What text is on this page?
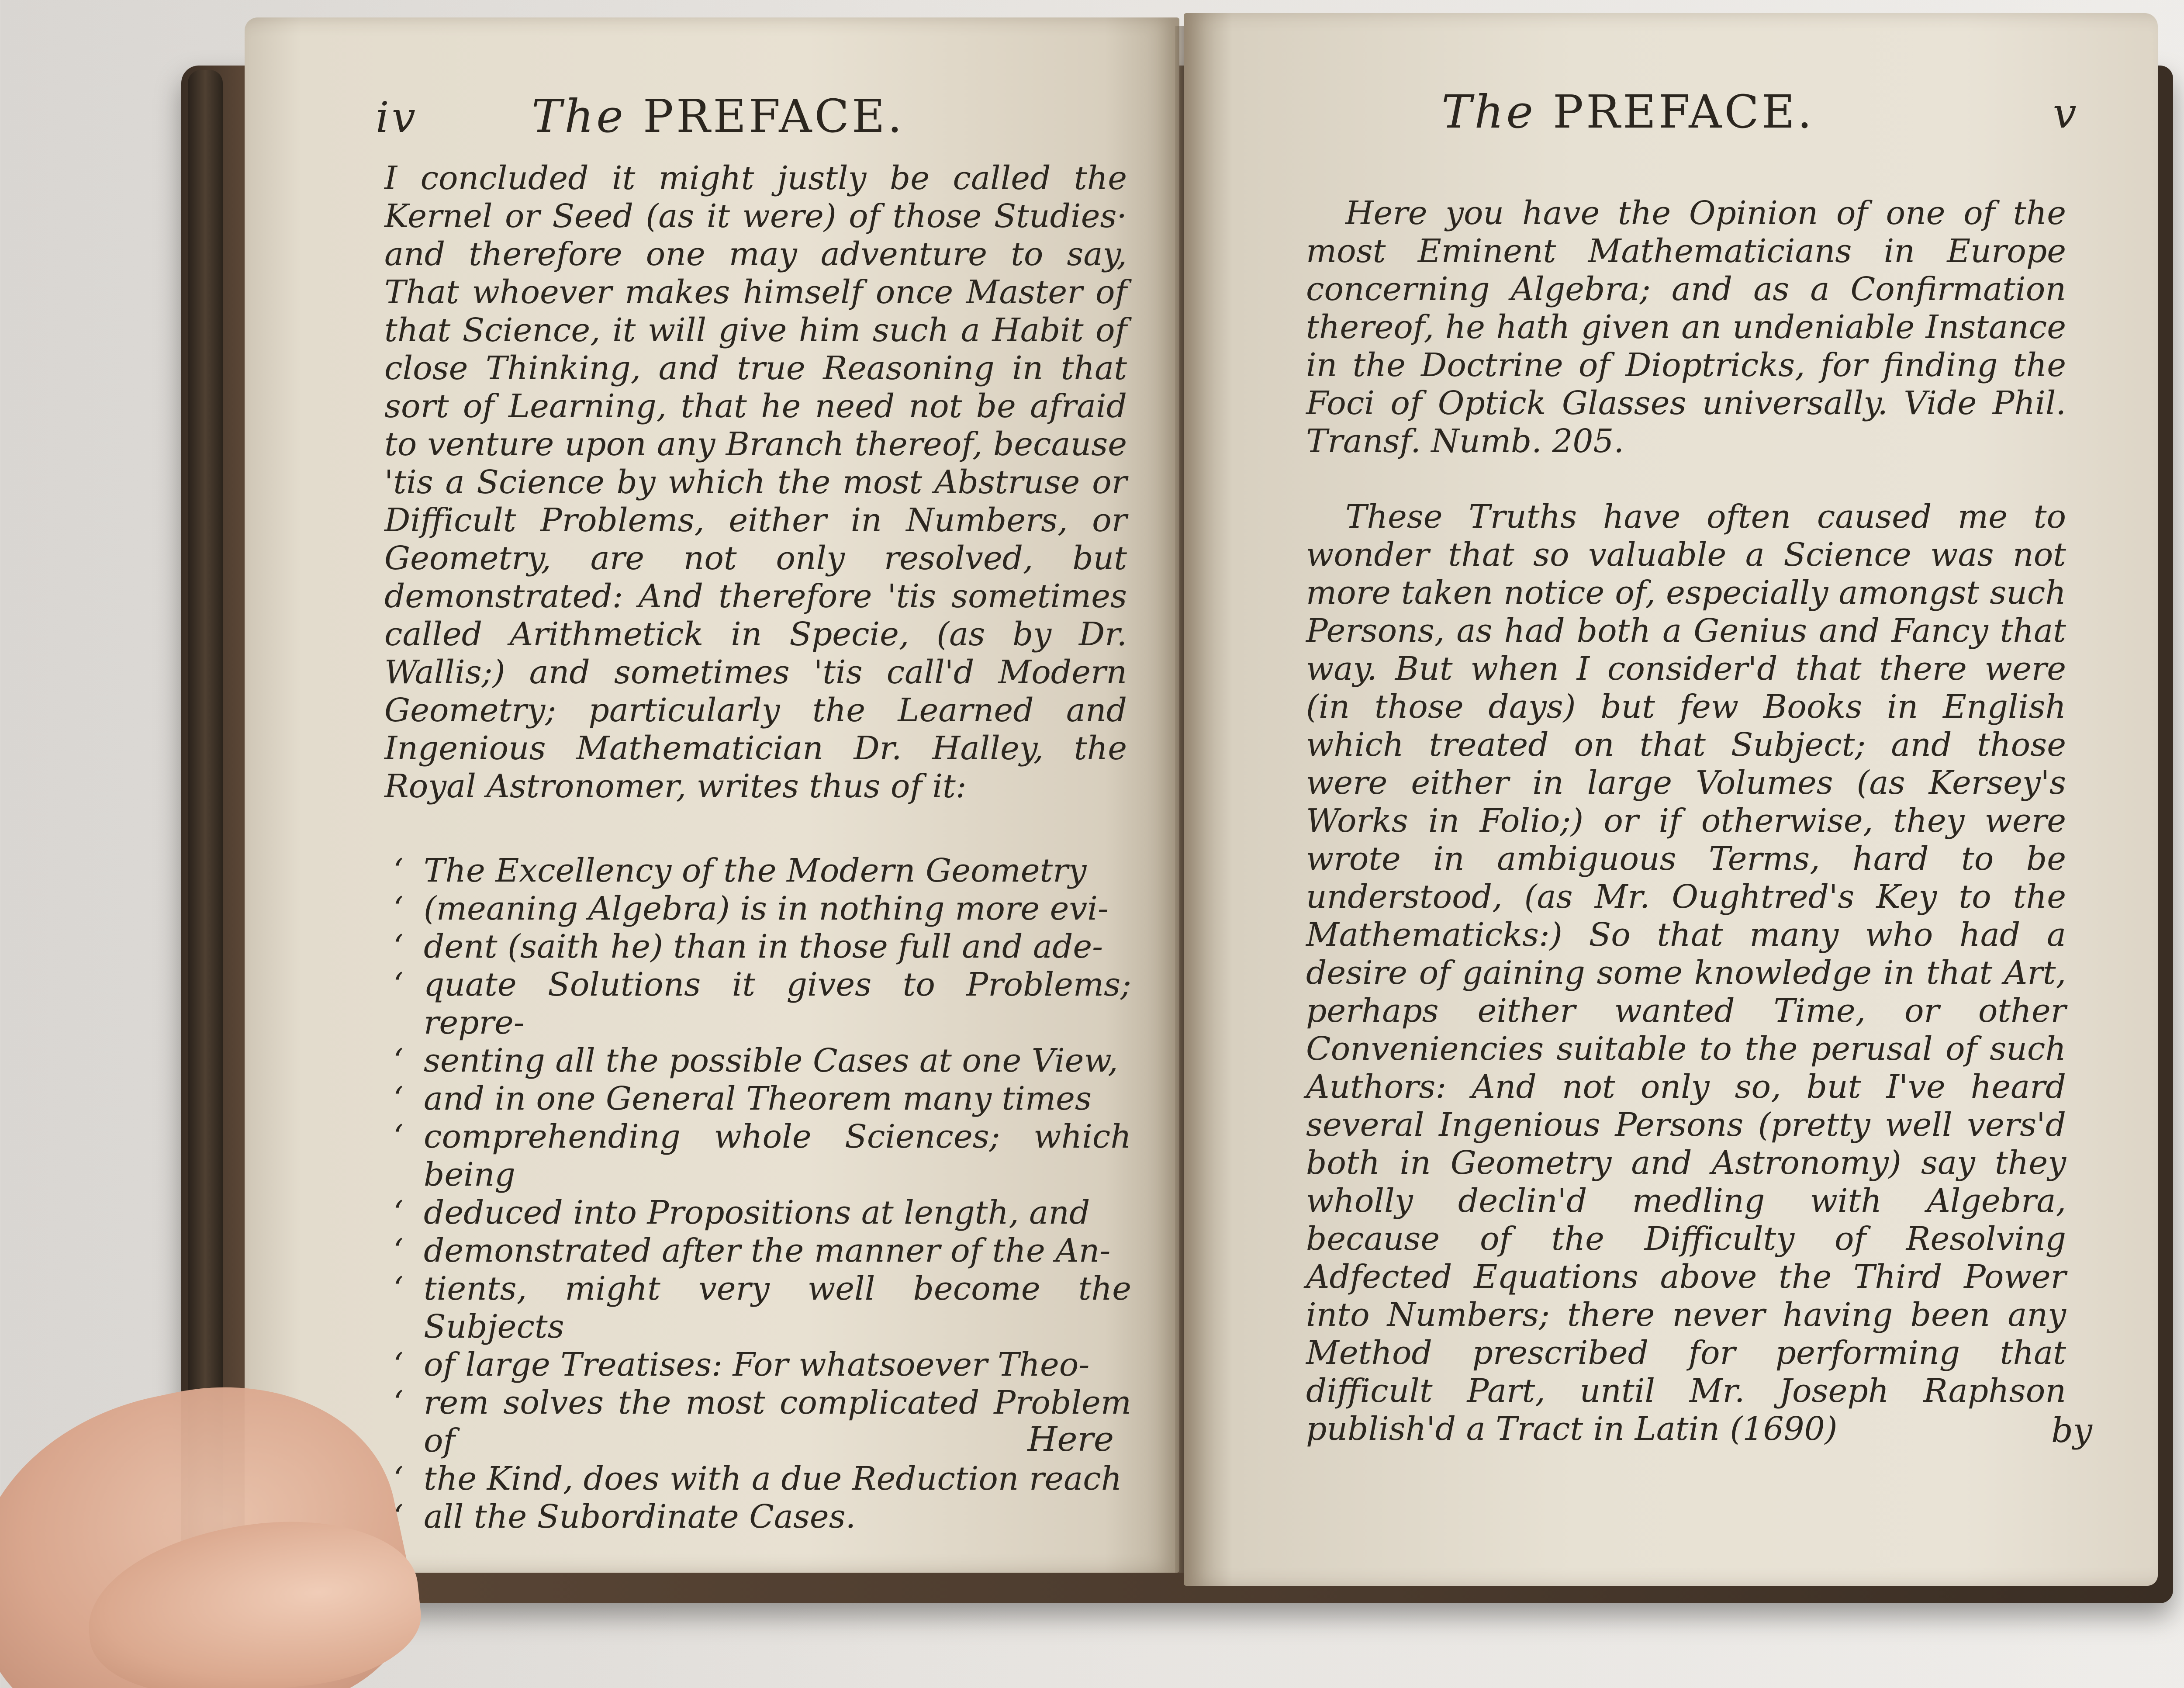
iv	The PREFACE.

I concluded it might justly be called the Kernel or Seed (as it were) of those Studies· and therefore one may adventure to say, That whoever makes himself once Master of that Science, it will give him such a Habit of close Thinking, and true Reasoning in that sort of Learning, that he need not be afraid to venture upon any Branch thereof, because 'tis a Science by which the most Abstruse or Difficult Problems, either in Numbers, or Geometry, are not only resolved, but demonstrated: And therefore 'tis sometimes called Arithmetick in Specie, (as by Dr. Wallis;) and sometimes 'tis call'd Modern Geometry; particularly the Learned and Ingenious Mathematician Dr. Halley, the Royal Astronomer, writes thus of it:

‘ The Excellency of the Modern Geometry
‘ (meaning Algebra) is in nothing more evi-
‘ dent (saith he) than in those full and ade-
‘ quate Solutions it gives to Problems; repre-
‘ senting all the possible Cases at one View,
‘ and in one General Theorem many times
‘ comprehending whole Sciences; which being
‘ deduced into Propositions at length, and
‘ demonstrated after the manner of the An-
‘ tients, might very well become the Subjects
‘ of large Treatises: For whatsoever Theo-
‘ rem solves the most complicated Problem of
‘ the Kind, does with a due Reduction reach
‘ all the Subordinate Cases.
Here
The PREFACE.	v

Here you have the Opinion of one of the most Eminent Mathematicians in Europe concerning Algebra; and as a Confirmation thereof, he hath given an undeniable Instance in the Doctrine of Dioptricks, for finding the Foci of Optick Glasses universally. Vide Phil. Transf. Numb. 205.

These Truths have often caused me to wonder that so valuable a Science was not more taken notice of, especially amongst such Persons, as had both a Genius and Fancy that way. But when I consider'd that there were (in those days) but few Books in English which treated on that Subject; and those were either in large Volumes (as Kersey's Works in Folio;) or if otherwise, they were wrote in ambiguous Terms, hard to be understood, (as Mr. Oughtred's Key to the Mathematicks:) So that many who had a desire of gaining some knowledge in that Art, perhaps either wanted Time, or other Conveniencies suitable to the perusal of such Authors: And not only so, but I've heard several Ingenious Persons (pretty well vers'd both in Geometry and Astronomy) say they wholly declin'd medling with Algebra, because of the Difficulty of Resolving Adfected Equations above the Third Power into Numbers; there never having been any Method prescribed for performing that difficult Part, until Mr. Joseph Raphson publish'd a Tract in Latin (1690)	by
